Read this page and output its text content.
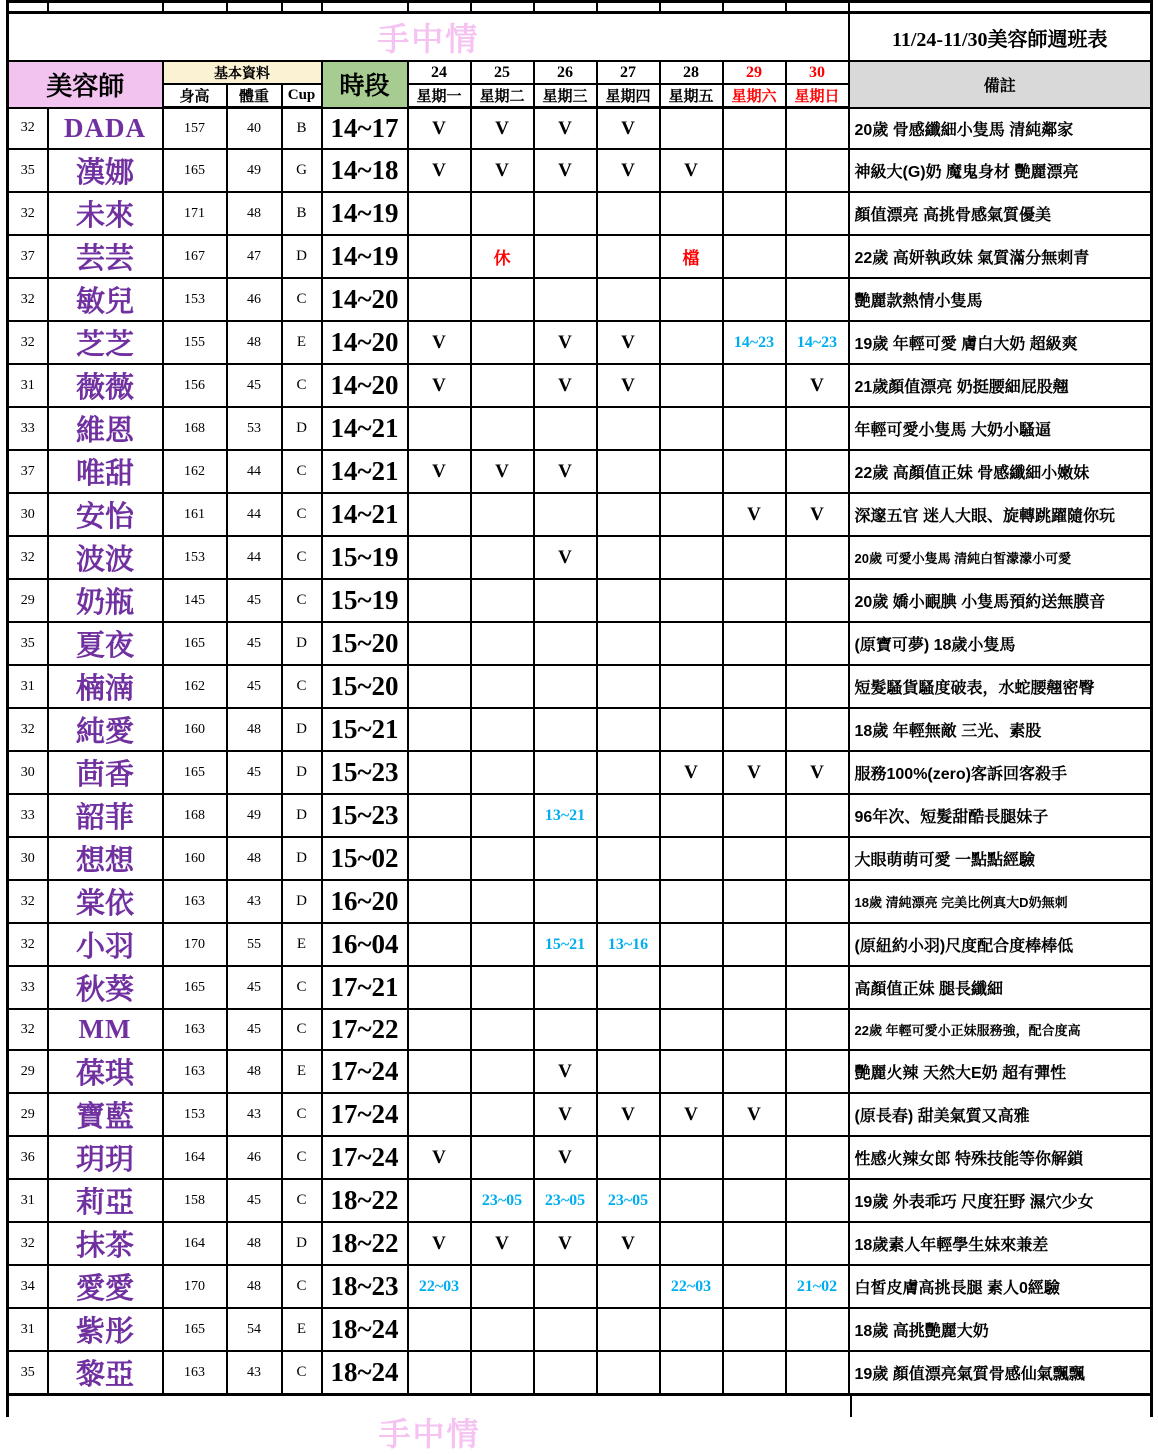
手中情													11/24-11/30美容師週班表
美容師		基本資料			時段	24	25	26	27	28	29	30	備註
		身高	體重	Cup		星期一	星期二	星期三	星期四	星期五	星期六	星期日	
32	DADA	157	40	B	14~17	V	V	V	V				20歲 骨感纖細小隻馬 清純鄰家
35	漢娜	165	49	G	14~18	V	V	V	V	V			神級大(G)奶 魔鬼身材 艷麗漂亮
32	未來	171	48	B	14~19								顏值漂亮 高挑骨感氣質優美
37	芸芸	167	47	D	14~19		休			檔			22歲 高妍執政妹 氣質滿分無刺青
32	敏兒	153	46	C	14~20								艷麗款熱情小隻馬
32	芝芝	155	48	E	14~20	V		V	V		14~23	14~23	19歲 年輕可愛 膚白大奶 超級爽
31	薇薇	156	45	C	14~20	V		V	V			V	21歲顏值漂亮 奶挺腰細屁股翹
33	維恩	168	53	D	14~21								年輕可愛小隻馬 大奶小騷逼
37	唯甜	162	44	C	14~21	V	V	V					22歲 高顏值正妹 骨感纖細小嫩妹
30	安怡	161	44	C	14~21						V	V	深邃五官 迷人大眼、旋轉跳躍隨你玩
32	波波	153	44	C	15~19			V					20歲 可愛小隻馬 清純白皙濛濛小可愛
29	奶瓶	145	45	C	15~19								20歲 嬌小靦腆 小隻馬預約送無膜音
35	夏夜	165	45	D	15~20								(原寶可夢) 18歲小隻馬
31	楠湳	162	45	C	15~20								短髮騷貨騷度破表，水蛇腰翹密臀
32	純愛	160	48	D	15~21								18歲 年輕無敵 三光、素股
30	茴香	165	45	D	15~23					V	V	V	服務100%(zero)客訴回客殺手
33	韶菲	168	49	D	15~23			13~21					96年次、短髮甜酷長腿妹子
30	想想	160	48	D	15~02								大眼萌萌可愛 一點點經驗
32	棠依	163	43	D	16~20								18歲 清純漂亮 完美比例真大D奶無刺
32	小羽	170	55	E	16~04			15~21	13~16				(原紐約小羽)尺度配合度棒棒低
33	秋葵	165	45	C	17~21								高顏值正妹 腿長纖細
32	MM	163	45	C	17~22								22歲 年輕可愛小正妹服務強，配合度高
29	葆琪	163	48	E	17~24			V					艷麗火辣 天然大E奶 超有彈性
29	寶藍	153	43	C	17~24			V	V	V	V		(原長春) 甜美氣質又高雅
36	玥玥	164	46	C	17~24	V		V					性感火辣女郎 特殊技能等你解鎖
31	莉亞	158	45	C	18~22		23~05	23~05	23~05				19歲 外表乖巧 尺度狂野 濕穴少女
32	抹茶	164	48	D	18~22	V	V	V	V				18歲素人年輕學生妹來兼差
34	愛愛	170	48	C	18~23	22~03				22~03		21~02	白皙皮膚高挑長腿 素人0經驗
31	紫彤	165	54	E	18~24								18歲 高挑艷麗大奶
35	黎亞	163	43	C	18~24								19歲 顏值漂亮氣質骨感仙氣飄飄
手中情
